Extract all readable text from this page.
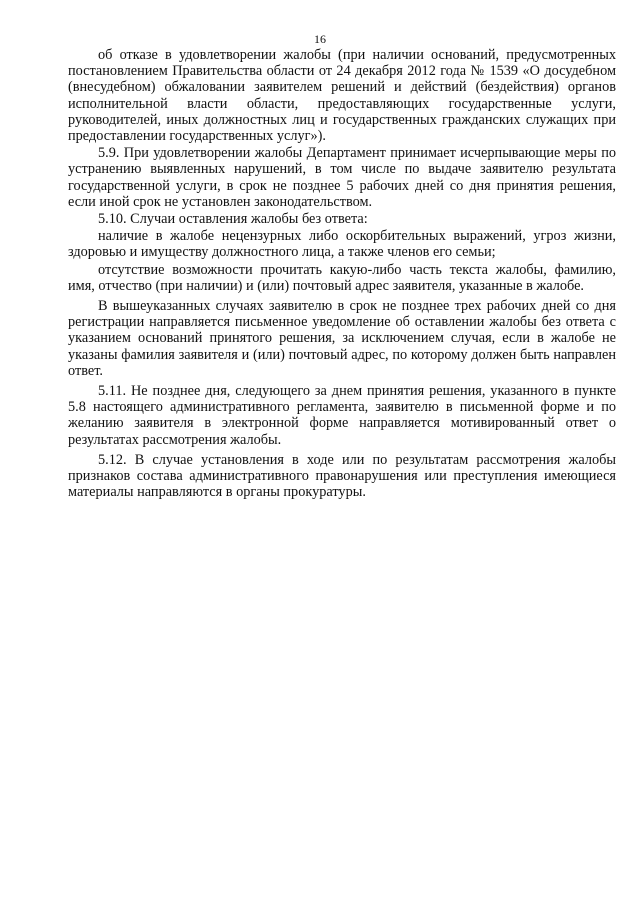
16

об отказе в удовлетворении жалобы (при наличии оснований, предусмотренных постановлением Правительства области от 24 декабря 2012 года № 1539 «О досудебном (внесудебном) обжаловании заявителем решений и действий (бездействия) органов исполнительной власти области, предоставляющих государственные услуги, руководителей, иных должностных лиц и государственных гражданских служащих при предоставлении государственных услуг»).

5.9. При удовлетворении жалобы Департамент принимает исчерпывающие меры по устранению выявленных нарушений, в том числе по выдаче заявителю результата государственной услуги, в срок не позднее 5 рабочих дней со дня принятия решения, если иной срок не установлен законодательством.

5.10. Случаи оставления жалобы без ответа:

наличие в жалобе нецензурных либо оскорбительных выражений, угроз жизни, здоровью и имуществу должностного лица, а также членов его семьи;

отсутствие возможности прочитать какую-либо часть текста жалобы, фамилию, имя, отчество (при наличии) и (или) почтовый адрес заявителя, указанные в жалобе.

В вышеуказанных случаях заявителю в срок не позднее трех рабочих дней со дня регистрации направляется письменное уведомление об оставлении жалобы без ответа с указанием оснований принятого решения, за исключением случая, если в жалобе не указаны фамилия заявителя и (или) почтовый адрес, по которому должен быть направлен ответ.

5.11. Не позднее дня, следующего за днем принятия решения, указанного в пункте 5.8 настоящего административного регламента, заявителю в письменной форме и по желанию заявителя в электронной форме направляется мотивированный ответ о результатах рассмотрения жалобы.

5.12. В случае установления в ходе или по результатам рассмотрения жалобы признаков состава административного правонарушения или преступления имеющиеся материалы направляются в органы прокуратуры.
